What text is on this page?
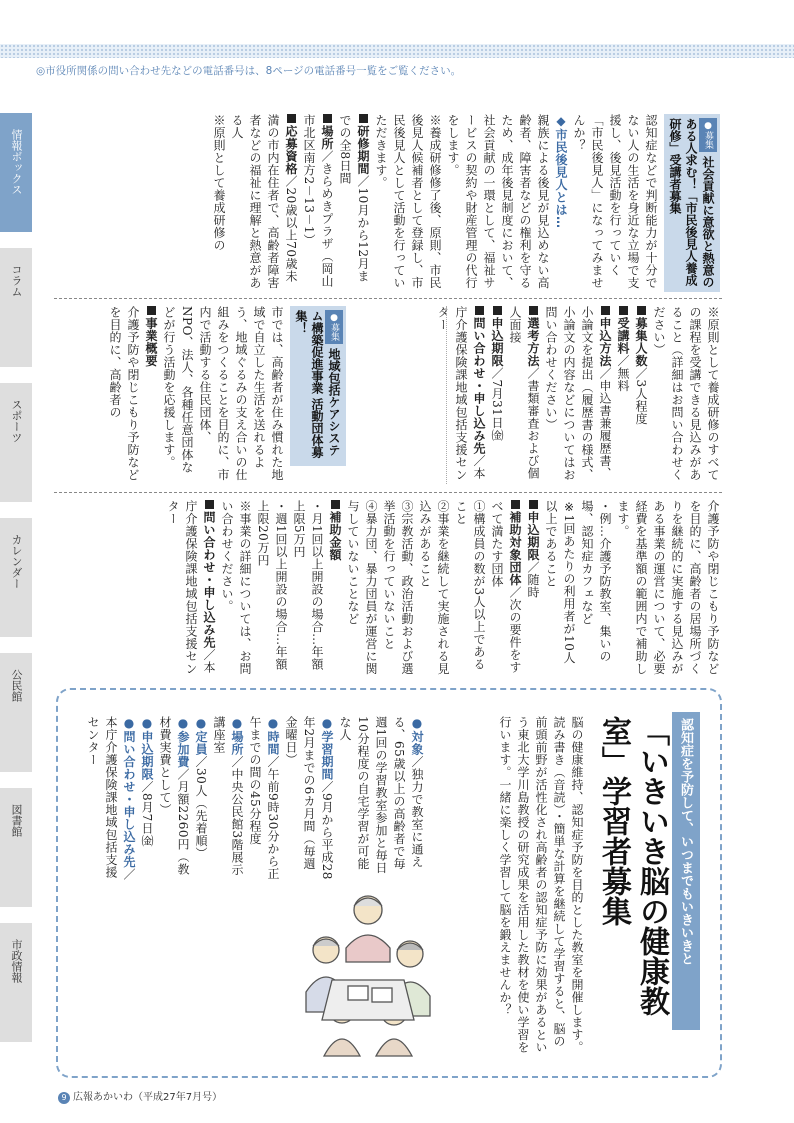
◎市役所関係の問い合わせ先などの電話番号は、8ページの電話番号一覧をご覧ください。
情報ボックス
コラム
スポーツ
カレンダー
公民館
図書館
市政情報
●募集社会貢献に意欲と熱意のある人求む！「市民後見人養成研修」受講者募集

認知症などで判断能力が十分でない人の生活を身近な立場で支援し、後見活動を行っていく「市民後見人」になってみませんか？

◆市民後見人とは…

親族による後見が見込めない高齢者、障害者などの権利を守るため、成年後見制度において、社会貢献の一環として、福祉サービスの契約や財産管理の代行をします。

※養成研修修了後、原則、市民後見人候補者として登録し、市民後見人として活動を行っていただきます。

研修期間／10月から12月までの全8日間

場所／きらめきプラザ（岡山市北区南方2－13－1）

応募資格／20歳以上70歳未満の市内在住者で、高齢者障害者などの福祉に理解と熱意がある人

※原則として養成研修の

※原則として養成研修のすべての課程を受講できる見込みがあること（詳細はお問い合わせください）

募集人数／3人程度

受講料／無料

申込方法／申込書兼履歴書、小論文を提出（履歴書の様式、小論文の内容などについてはお問い合わせください）

選考方法／書類審査および個人面接

申込期限／7月31日㈮

問い合わせ・申し込み先／本庁介護保険課地域包括支援センター

●募集地域包括ケアシステム構築促進事業 活動団体募集！

市では、高齢者が住み慣れた地域で自立した生活を送れるよう、地域ぐるみの支え合いの仕組みをつくることを目的に、市内で活動する住民団体、NPO、法人、各種任意団体などが行う活動を応援します。

事業概要

介護予防や閉じこもり予防などを目的に、高齢者の

介護予防や閉じこもり予防などを目的に、高齢者の居場所づくりを継続的に実施する見込みがある事業の運営について、必要経費を基準額の範囲内で補助します。

・例…介護予防教室、集いの場、認知症カフェなど

※1回あたりの利用者が10人以上であること

申込期限／随時

補助対象団体／次の要件をすべて満たす団体

①構成員の数が3人以上であること

②事業を継続して実施される見込みがあること

③宗教活動、政治活動および選挙活動を行っていないこと

④暴力団、暴力団員が運営に関与していないことなど

補助金額

・月1回以上開設の場合…年額上限5万円

・週1回以上開設の場合…年額上限20万円

※事業の詳細については、お問い合わせください。

問い合わせ・申し込み先／本庁介護保険課地域包括支援センター

認知症を予防して、いつまでもいきいきと
「いきいき脳の健康教室」学習者募集

脳の健康維持、認知症予防を目的とした教室を開催します。読み書き（音読）・簡単な計算を継続して学習すると、脳の前頭前野が活性化され高齢者の認知症予防に効果があるという東北大学川島教授の研究成果を活用した教材を使い学習を行います。一緒に楽しく学習して脳を鍛えませんか？

●対象／独力で教室に通える、65歳以上の高齢者で毎週1回の学習教室参加と毎日10分程度の自宅学習が可能な人

●学習期間／9月から平成28年2月までの6カ月間（毎週金曜日）

●時間／午前9時30分から正午までの間の45分程度

●場所／中央公民館3階展示講座室

●定員／30人（先着順）

●参加費／月額2260円（教材費実費として）

●申込期限／8月7日㈮

●問い合わせ・申し込み先／本庁介護保険課地域包括支援センター

9 広報あかいわ（平成27年7月号）
